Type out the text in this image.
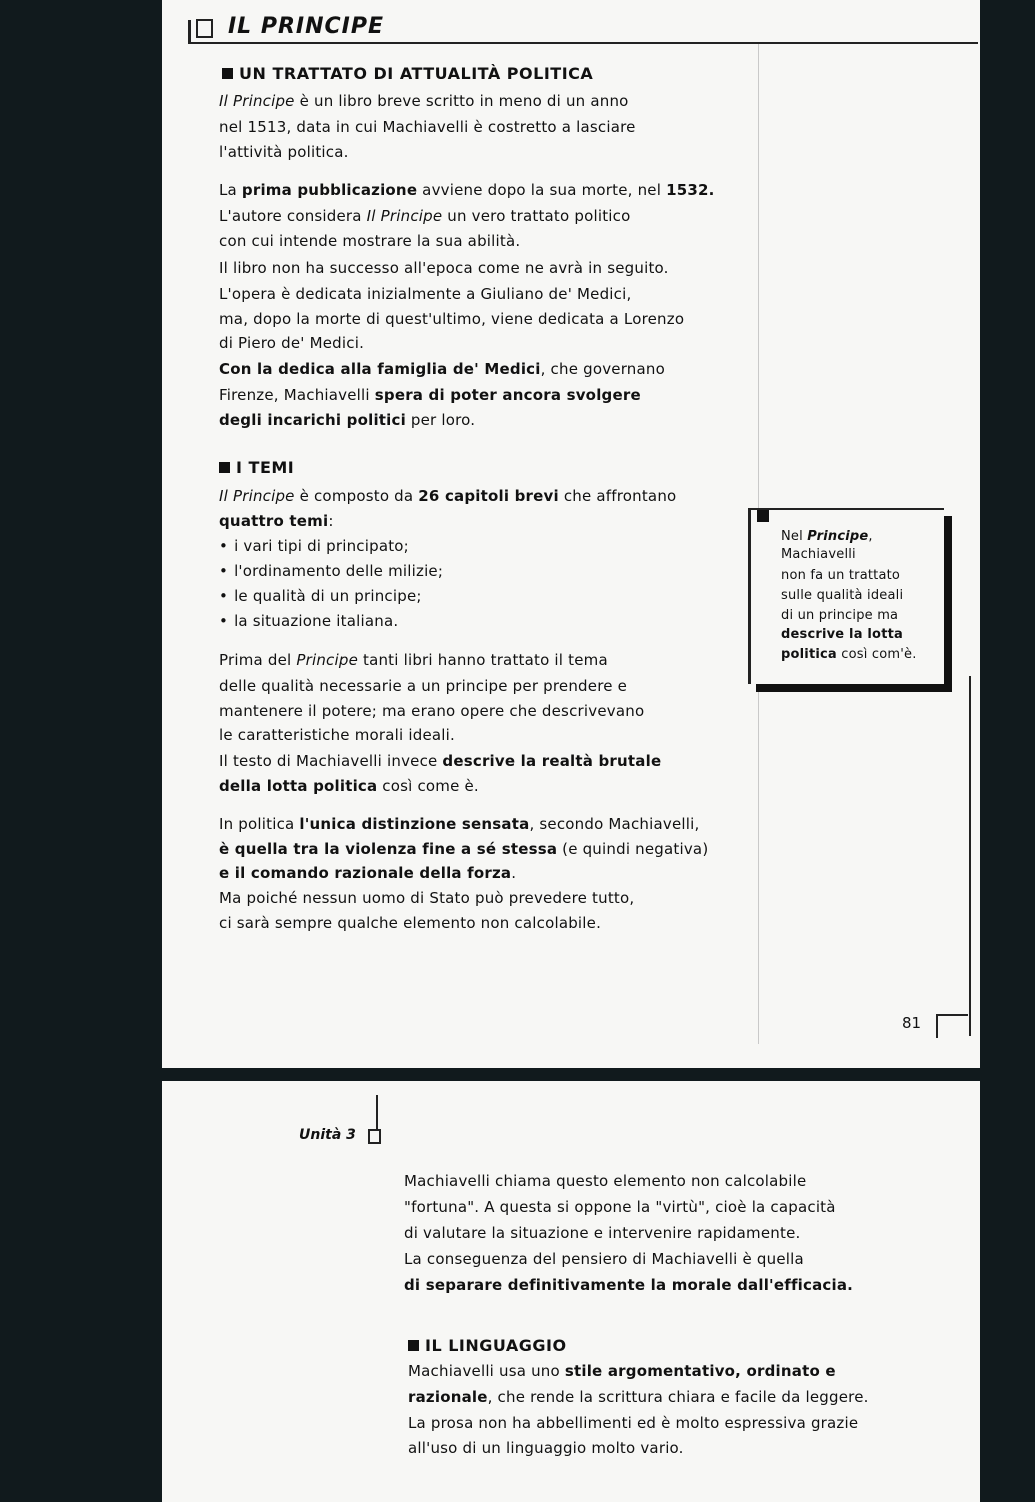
IL PRINCIPE
UN TRATTATO DI ATTUALITÀ POLITICA
Il Principe è un libro breve scritto in meno di un anno
nel 1513, data in cui Machiavelli è costretto a lasciare
l'attività politica.
La prima pubblicazione avviene dopo la sua morte, nel 1532.
L'autore considera Il Principe un vero trattato politico
con cui intende mostrare la sua abilità.
Il libro non ha successo all'epoca come ne avrà in seguito.
L'opera è dedicata inizialmente a Giuliano de' Medici,
ma, dopo la morte di quest'ultimo, viene dedicata a Lorenzo
di Piero de' Medici.
Con la dedica alla famiglia de' Medici, che governano
Firenze, Machiavelli spera di poter ancora svolgere
degli incarichi politici per loro.
I TEMI
Il Principe è composto da 26 capitoli brevi che affrontano
quattro temi:
• i vari tipi di principato;
• l'ordinamento delle milizie;
• le qualità di un principe;
• la situazione italiana.
Prima del Principe tanti libri hanno trattato il tema
delle qualità necessarie a un principe per prendere e
mantenere il potere; ma erano opere che descrivevano
le caratteristiche morali ideali.
Il testo di Machiavelli invece descrive la realtà brutale
della lotta politica così come è.
In politica l'unica distinzione sensata, secondo Machiavelli,
è quella tra la violenza fine a sé stessa (e quindi negativa)
e il comando razionale della forza.
Ma poiché nessun uomo di Stato può prevedere tutto,
ci sarà sempre qualche elemento non calcolabile.
Nel Principe,
Machiavelli
non fa un trattato
sulle qualità ideali
di un principe ma
descrive la lotta
politica così com'è.
81
Unità 3
Machiavelli chiama questo elemento non calcolabile
"fortuna". A questa si oppone la "virtù", cioè la capacità
di valutare la situazione e intervenire rapidamente.
La conseguenza del pensiero di Machiavelli è quella
di separare definitivamente la morale dall'efficacia.
IL LINGUAGGIO
Machiavelli usa uno stile argomentativo, ordinato e
razionale, che rende la scrittura chiara e facile da leggere.
La prosa non ha abbellimenti ed è molto espressiva grazie
all'uso di un linguaggio molto vario.
